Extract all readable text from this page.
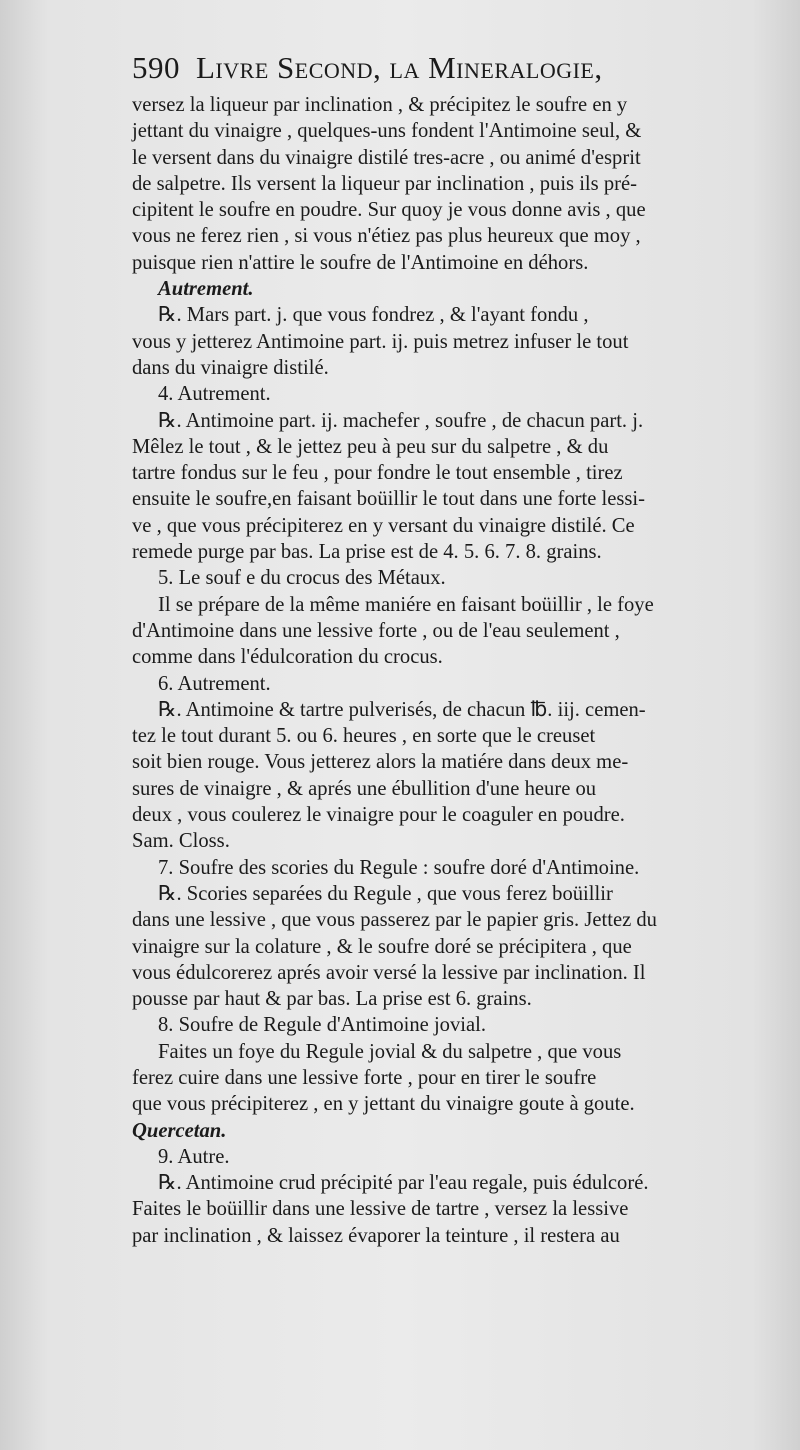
590 Livre Second, la Mineralogie,
versez la liqueur par inclination , & précipitez le soufre en y
jettant du vinaigre , quelques-uns fondent l'Antimoine seul, &
le versent dans du vinaigre distilé tres-acre , ou animé d'esprit
de salpetre. Ils versent la liqueur par inclination , puis ils pré-
cipitent le soufre en poudre. Sur quoy je vous donne avis , que
vous ne ferez rien , si vous n'étiez pas plus heureux que moy ,
puisque rien n'attire le soufre de l'Antimoine en déhors.
Autrement.
℞. Mars part. j. que vous fondrez , & l'ayant fondu ,
vous y jetterez Antimoine part. ij. puis metrez infuser le tout
dans du vinaigre distilé.
4. Autrement.
℞. Antimoine part. ij. machefer , soufre , de chacun part. j.
Mêlez le tout , & le jettez peu à peu sur du salpetre , & du
tartre fondus sur le feu , pour fondre le tout ensemble , tirez
ensuite le soufre,en faisant boüillir le tout dans une forte lessi-
ve , que vous précipiterez en y versant du vinaigre distilé. Ce
remede purge par bas. La prise est de 4. 5. 6. 7. 8. grains.
5. Le souf e du crocus des Métaux.
Il se prépare de la même maniére en faisant boüillir , le foye
d'Antimoine dans une lessive forte , ou de l'eau seulement ,
comme dans l'édulcoration du crocus.
6. Autrement.
℞. Antimoine & tartre pulverisés, de chacun ℔. iij. cemen-
tez le tout durant 5. ou 6. heures , en sorte que le creuset
soit bien rouge. Vous jetterez alors la matiére dans deux me-
sures de vinaigre , & aprés une ébullition d'une heure ou
deux , vous coulerez le vinaigre pour le coaguler en poudre.
Sam. Closs.
7. Soufre des scories du Regule : soufre doré d'Antimoine.
℞. Scories separées du Regule , que vous ferez boüillir
dans une lessive , que vous passerez par le papier gris. Jettez du
vinaigre sur la colature , & le soufre doré se précipitera , que
vous édulcorerez aprés avoir versé la lessive par inclination. Il
pousse par haut & par bas. La prise est 6. grains.
8. Soufre de Regule d'Antimoine jovial.
Faites un foye du Regule jovial & du salpetre , que vous
ferez cuire dans une lessive forte , pour en tirer le soufre
que vous précipiterez , en y jettant du vinaigre goute à goute.
Quercetan.
9. Autre.
℞. Antimoine crud précipité par l'eau regale, puis édulcoré.
Faites le boüillir dans une lessive de tartre , versez la lessive
par inclination , & laissez évaporer la teinture , il restera au
